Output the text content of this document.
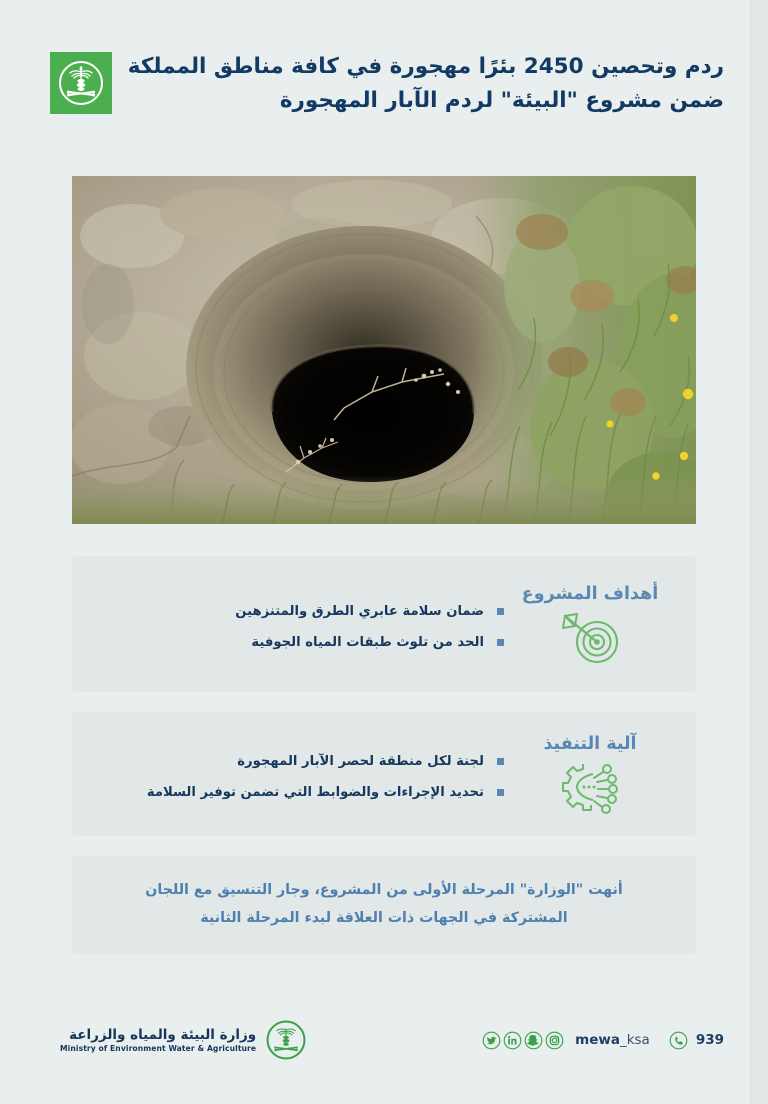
ردم وتحصين 2450 بئرًا مهجورة في كافة مناطق المملكة
ضمن مشروع "البيئة" لردم الآبار المهجورة
أهداف المشروع
ضمان سلامة عابري الطرق والمتنزهين
الحد من تلوث طبقات المياه الجوفية
آلية التنفيذ
لجنة لكل منطقة لحصر الآبار المهجورة
تحديد الإجراءات والضوابط التي تضمن توفير السلامة
أنهت "الوزارة" المرحلة الأولى من المشروع، وجار التنسيق مع اللجان
المشتركة في الجهات ذات العلاقة لبدء المرحلة الثانية
وزارة البيئة والمياه والزراعة
Ministry of Environment Water & Agriculture	mewa_ksa	939
